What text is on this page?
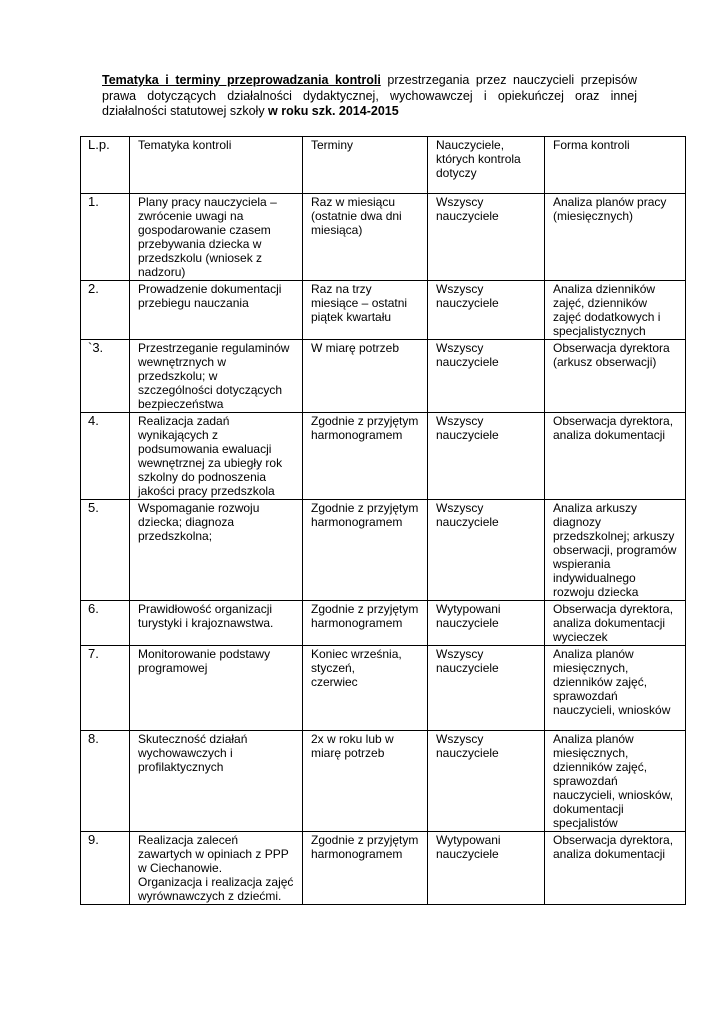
Tematyka i terminy przeprowadzania kontroli przestrzegania przez nauczycieli przepisów prawa dotyczących działalności dydaktycznej, wychowawczej i opiekuńczej oraz innej działalności statutowej szkoły w roku szk. 2014-2015
L.p.	Tematyka kontroli	Terminy	Nauczyciele, których kontrola dotyczy	Forma kontroli
1.	Plany pracy nauczyciela – zwrócenie uwagi na gospodarowanie czasem przebywania dziecka w przedszkolu (wniosek z nadzoru)	Raz w miesiącu (ostatnie dwa dni miesiąca)	Wszyscy nauczyciele	Analiza planów pracy (miesięcznych)
2.	Prowadzenie dokumentacji przebiegu nauczania	Raz na trzy miesiące – ostatni piątek kwartału	Wszyscy nauczyciele	Analiza dzienników zajęć, dzienników zajęć dodatkowych i specjalistycznych
`3.	Przestrzeganie regulaminów wewnętrznych w przedszkolu; w szczególności dotyczących bezpieczeństwa	W miarę potrzeb	Wszyscy nauczyciele	Obserwacja dyrektora (arkusz obserwacji)
4.	Realizacja zadań wynikających z podsumowania ewaluacji wewnętrznej za ubiegły rok szkolny do podnoszenia jakości pracy przedszkola	Zgodnie z przyjętym harmonogramem	Wszyscy nauczyciele	Obserwacja dyrektora, analiza dokumentacji
5.	Wspomaganie rozwoju dziecka; diagnoza przedszkolna;	Zgodnie z przyjętym harmonogramem	Wszyscy nauczyciele	Analiza arkuszy diagnozy przedszkolnej; arkuszy obserwacji, programów wspierania indywidualnego rozwoju dziecka
6.	Prawidłowość organizacji turystyki i krajoznawstwa.	Zgodnie z przyjętym harmonogramem	Wytypowani nauczyciele	Obserwacja dyrektora, analiza dokumentacji wycieczek
7.	Monitorowanie podstawy programowej	Koniec września,
styczeń,
czerwiec	Wszyscy nauczyciele	Analiza planów miesięcznych, dzienników zajęć, sprawozdań nauczycieli, wniosków
8.	Skuteczność działań wychowawczych i profilaktycznych	2x w roku lub w miarę potrzeb	Wszyscy nauczyciele	Analiza planów miesięcznych, dzienników zajęć, sprawozdań nauczycieli, wniosków, dokumentacji specjalistów
9.	Realizacja zaleceń zawartych w opiniach z PPP w Ciechanowie.
Organizacja i realizacja zajęć wyrównawczych z dziećmi.	Zgodnie z przyjętym harmonogramem	Wytypowani nauczyciele	Obserwacja dyrektora, analiza dokumentacji
